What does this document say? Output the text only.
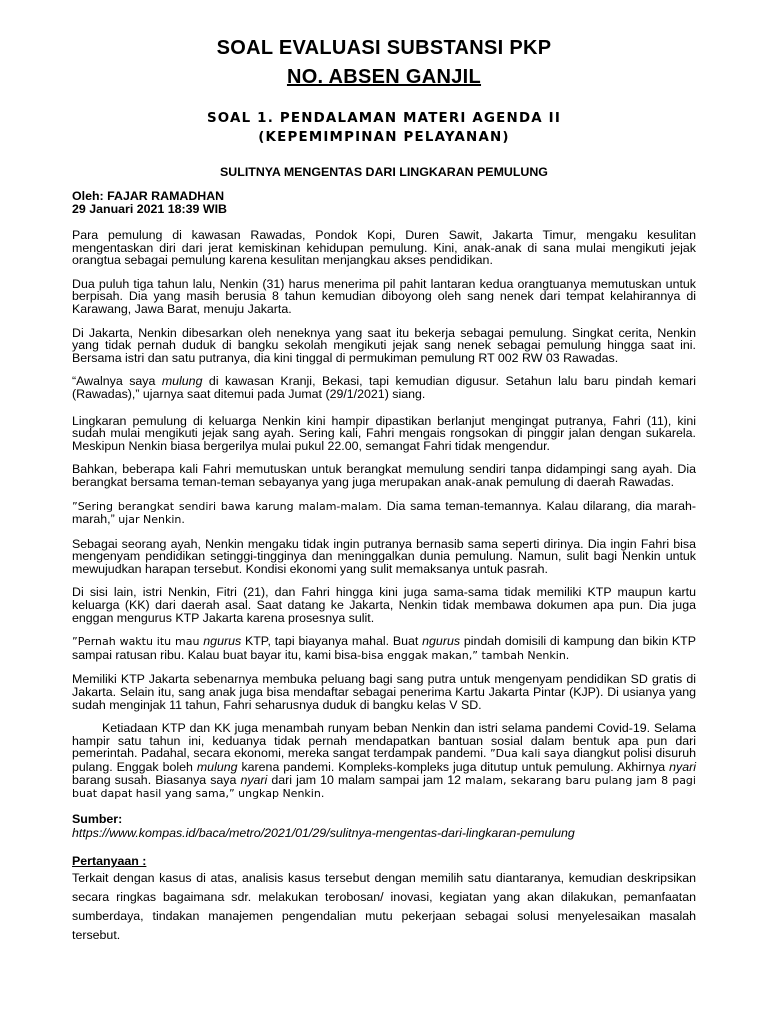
SOAL EVALUASI SUBSTANSI PKP
NO. ABSEN GANJIL
SOAL 1. PENDALAMAN MATERI AGENDA II
(KEPEMIMPINAN PELAYANAN)
SULITNYA MENGENTAS DARI LINGKARAN PEMULUNG
Oleh: FAJAR RAMADHAN
29 Januari 2021 18:39 WIB

Para pemulung di kawasan Rawadas, Pondok Kopi, Duren Sawit, Jakarta Timur, mengaku kesulitan mengentaskan diri dari jerat kemiskinan kehidupan pemulung. Kini, anak-anak di sana mulai mengikuti jejak orangtua sebagai pemulung karena kesulitan menjangkau akses pendidikan.

Dua puluh tiga tahun lalu, Nenkin (31) harus menerima pil pahit lantaran kedua orangtuanya memutuskan untuk berpisah. Dia yang masih berusia 8 tahun kemudian diboyong oleh sang nenek dari tempat kelahirannya di Karawang, Jawa Barat, menuju Jakarta.

Di Jakarta, Nenkin dibesarkan oleh neneknya yang saat itu bekerja sebagai pemulung. Singkat cerita, Nenkin yang tidak pernah duduk di bangku sekolah mengikuti jejak sang nenek sebagai pemulung hingga saat ini. Bersama istri dan satu putranya, dia kini tinggal di permukiman pemulung RT 002 RW 03 Rawadas.

“Awalnya saya mulung di kawasan Kranji, Bekasi, tapi kemudian digusur. Setahun lalu baru pindah kemari (Rawadas),” ujarnya saat ditemui pada Jumat (29/1/2021) siang.

Lingkaran pemulung di keluarga Nenkin kini hampir dipastikan berlanjut mengingat putranya, Fahri (11), kini sudah mulai mengikuti jejak sang ayah. Sering kali, Fahri mengais rongsokan di pinggir jalan dengan sukarela. Meskipun Nenkin biasa bergerilya mulai pukul 22.00, semangat Fahri tidak mengendur.

Bahkan, beberapa kali Fahri memutuskan untuk berangkat memulung sendiri tanpa didampingi sang ayah. Dia berangkat bersama teman-teman sebayanya yang juga merupakan anak-anak pemulung di daerah Rawadas.

”Sering berangkat sendiri bawa karung malam-malam. Dia sama teman-temannya. Kalau dilarang, dia marah-marah,” ujar Nenkin.

Sebagai seorang ayah, Nenkin mengaku tidak ingin putranya bernasib sama seperti dirinya. Dia ingin Fahri bisa mengenyam pendidikan setinggi-tingginya dan meninggalkan dunia pemulung. Namun, sulit bagi Nenkin untuk mewujudkan harapan tersebut. Kondisi ekonomi yang sulit memaksanya untuk pasrah.

Di sisi lain, istri Nenkin, Fitri (21), dan Fahri hingga kini juga sama-sama tidak memiliki KTP maupun kartu keluarga (KK) dari daerah asal. Saat datang ke Jakarta, Nenkin tidak membawa dokumen apa pun. Dia juga enggan mengurus KTP Jakarta karena prosesnya sulit.

”Pernah waktu itu mau ngurus KTP, tapi biayanya mahal. Buat ngurus pindah domisili di kampung dan bikin KTP sampai ratusan ribu. Kalau buat bayar itu, kami bisa-bisa enggak makan,” tambah Nenkin.

Memiliki KTP Jakarta sebenarnya membuka peluang bagi sang putra untuk mengenyam pendidikan SD gratis di Jakarta. Selain itu, sang anak juga bisa mendaftar sebagai penerima Kartu Jakarta Pintar (KJP). Di usianya yang sudah menginjak 11 tahun, Fahri seharusnya duduk di bangku kelas V SD.

Ketiadaan KTP dan KK juga menambah runyam beban Nenkin dan istri selama pandemi Covid-19. Selama hampir satu tahun ini, keduanya tidak pernah mendapatkan bantuan sosial dalam bentuk apa pun dari pemerintah. Padahal, secara ekonomi, mereka sangat terdampak pandemi. ”Dua kali saya diangkut polisi disuruh pulang. Enggak boleh mulung karena pandemi. Kompleks-kompleks juga ditutup untuk pemulung. Akhirnya nyari barang susah. Biasanya saya nyari dari jam 10 malam sampai jam 12 malam, sekarang baru pulang jam 8 pagi buat dapat hasil yang sama,” ungkap Nenkin.

Sumber:
https://www.kompas.id/baca/metro/2021/01/29/sulitnya-mengentas-dari-lingkaran-pemulung
Pertanyaan :

Terkait dengan kasus di atas, analisis kasus tersebut dengan memilih satu diantaranya, kemudian deskripsikan secara ringkas bagaimana sdr. melakukan terobosan/ inovasi, kegiatan yang akan dilakukan, pemanfaatan sumberdaya, tindakan manajemen pengendalian mutu pekerjaan sebagai solusi menyelesaikan masalah tersebut.
